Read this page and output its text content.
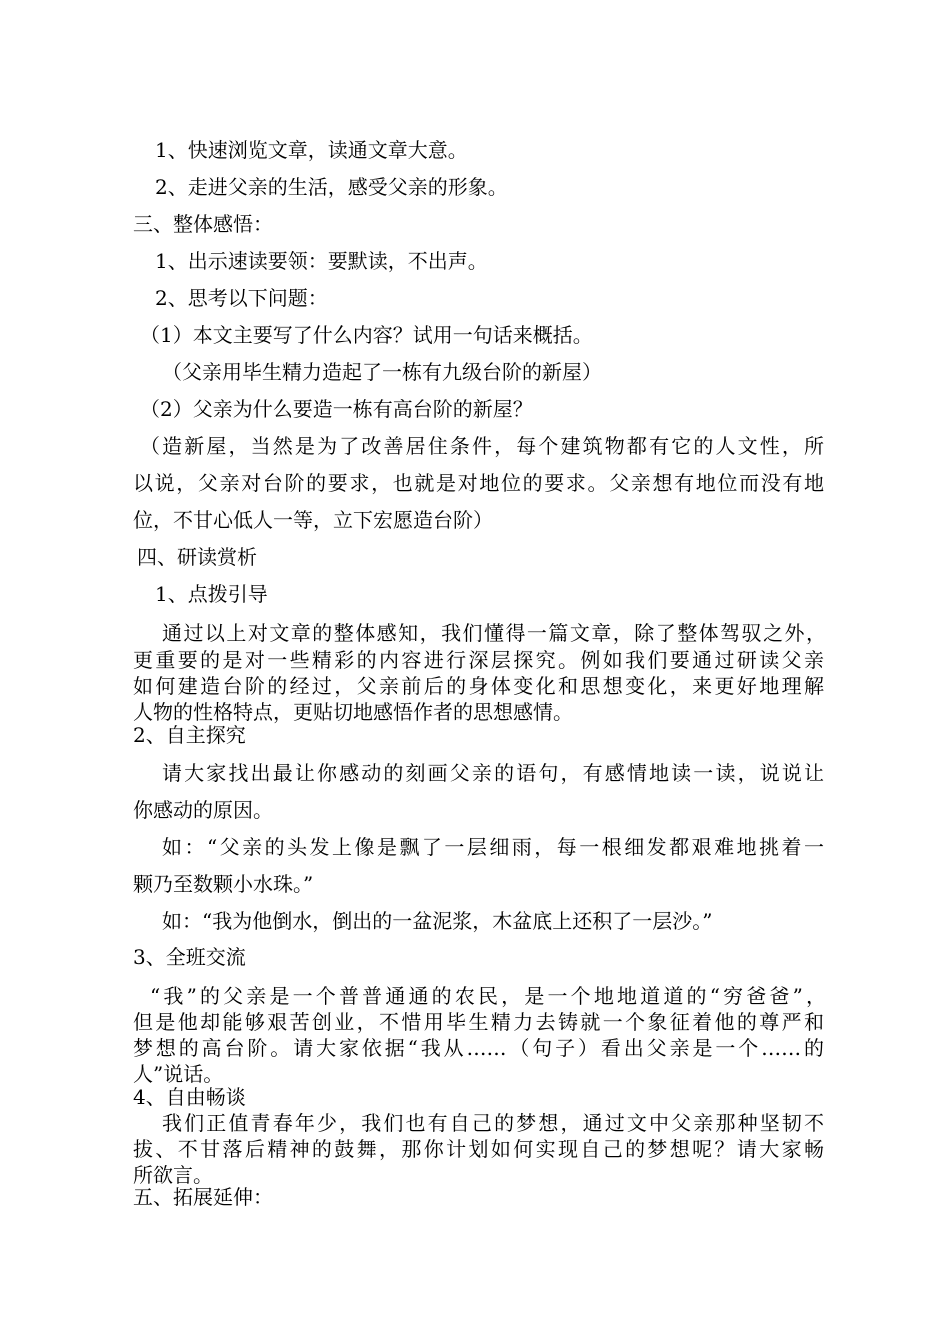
1、快速浏览文章，读通文章大意。
2、走进父亲的生活，感受父亲的形象。
三、整体感悟：
1、出示速读要领：要默读，不出声。
2、思考以下问题：
（1）本文主要写了什么内容？试用一句话来概括。
（父亲用毕生精力造起了一栋有九级台阶的新屋）
（2）父亲为什么要造一栋有高台阶的新屋？
（造新屋，当然是为了改善居住条件，每个建筑物都有它的人文性，所
以说，父亲对台阶的要求，也就是对地位的要求。父亲想有地位而没有地
位，不甘心低人一等，立下宏愿造台阶）
四、研读赏析
1、点拨引导
通过以上对文章的整体感知，我们懂得一篇文章，除了整体驾驭之外，
更重要的是对一些精彩的内容进行深层探究。例如我们要通过研读父亲
如何建造台阶的经过，父亲前后的身体变化和思想变化，来更好地理解
人物的性格特点，更贴切地感悟作者的思想感情。
2、自主探究
请大家找出最让你感动的刻画父亲的语句，有感情地读一读，说说让
你感动的原因。
如：“父亲的头发上像是飘了一层细雨，每一根细发都艰难地挑着一
颗乃至数颗小水珠。”
如：“我为他倒水，倒出的一盆泥浆，木盆底上还积了一层沙。”
3、全班交流
“我”的父亲是一个普普通通的农民，是一个地地道道的“穷爸爸”，
但是他却能够艰苦创业，不惜用毕生精力去铸就一个象征着他的尊严和
梦想的高台阶。请大家依据“我从……（句子）看出父亲是一个……的
人”说话。
4、自由畅谈
我们正值青春年少，我们也有自己的梦想，通过文中父亲那种坚韧不
拔、不甘落后精神的鼓舞，那你计划如何实现自己的梦想呢？请大家畅
所欲言。
五、拓展延伸：
